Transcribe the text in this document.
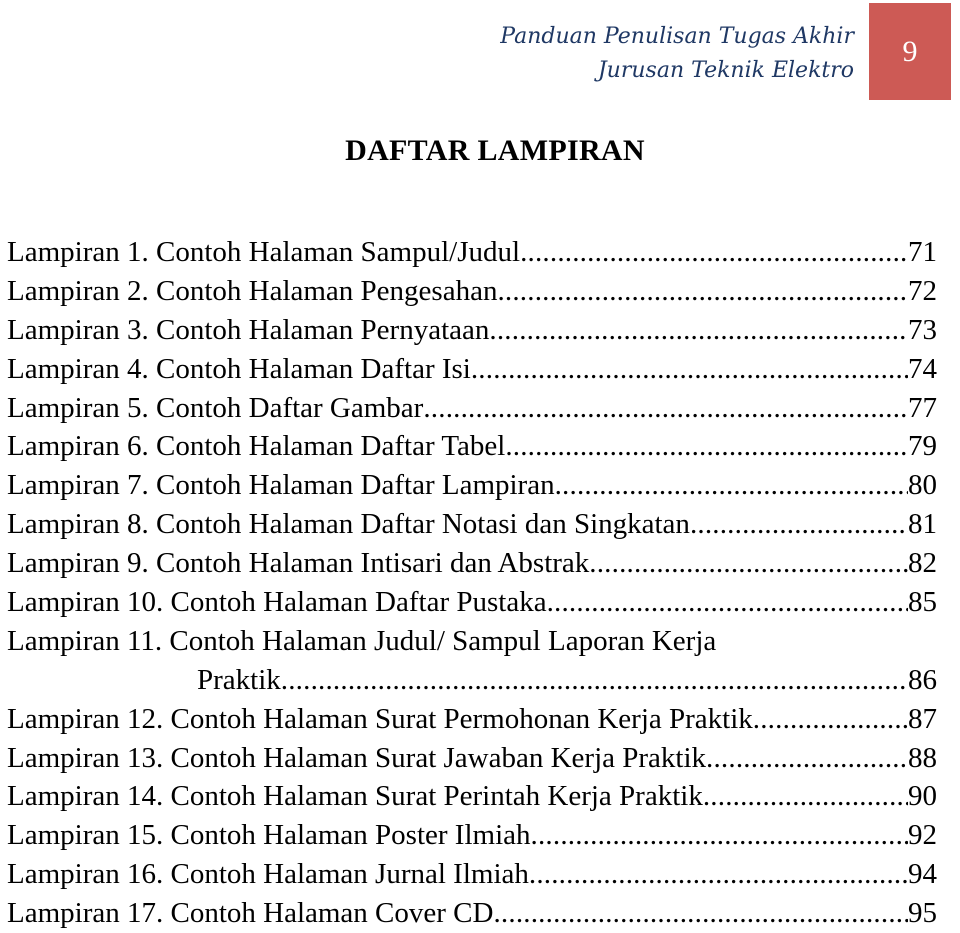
Panduan Penulisan Tugas Akhir
Jurusan Teknik Elektro
9
DAFTAR LAMPIRAN
Lampiran 1. Contoh Halaman Sampul/Judul .....	71
Lampiran 2. Contoh Halaman Pengesahan .....	72
Lampiran 3. Contoh Halaman Pernyataan .....	73
Lampiran 4. Contoh Halaman Daftar Isi .....	74
Lampiran 5. Contoh Daftar Gambar .....	77
Lampiran 6. Contoh Halaman Daftar Tabel .....	79
Lampiran 7. Contoh Halaman Daftar Lampiran .....	80
Lampiran 8. Contoh Halaman Daftar Notasi dan Singkatan .....	81
Lampiran 9. Contoh Halaman Intisari dan Abstrak .....	82
Lampiran 10. Contoh Halaman Daftar Pustaka .....	85
Lampiran 11. Contoh Halaman Judul/ Sampul Laporan Kerja
Praktik .....	86
Lampiran 12. Contoh Halaman Surat Permohonan Kerja Praktik .....	87
Lampiran 13. Contoh Halaman Surat Jawaban Kerja Praktik .....	88
Lampiran 14. Contoh Halaman Surat Perintah Kerja Praktik .....	90
Lampiran 15. Contoh Halaman Poster Ilmiah .....	92
Lampiran 16. Contoh Halaman Jurnal Ilmiah .....	94
Lampiran 17. Contoh Halaman Cover CD .....	95
